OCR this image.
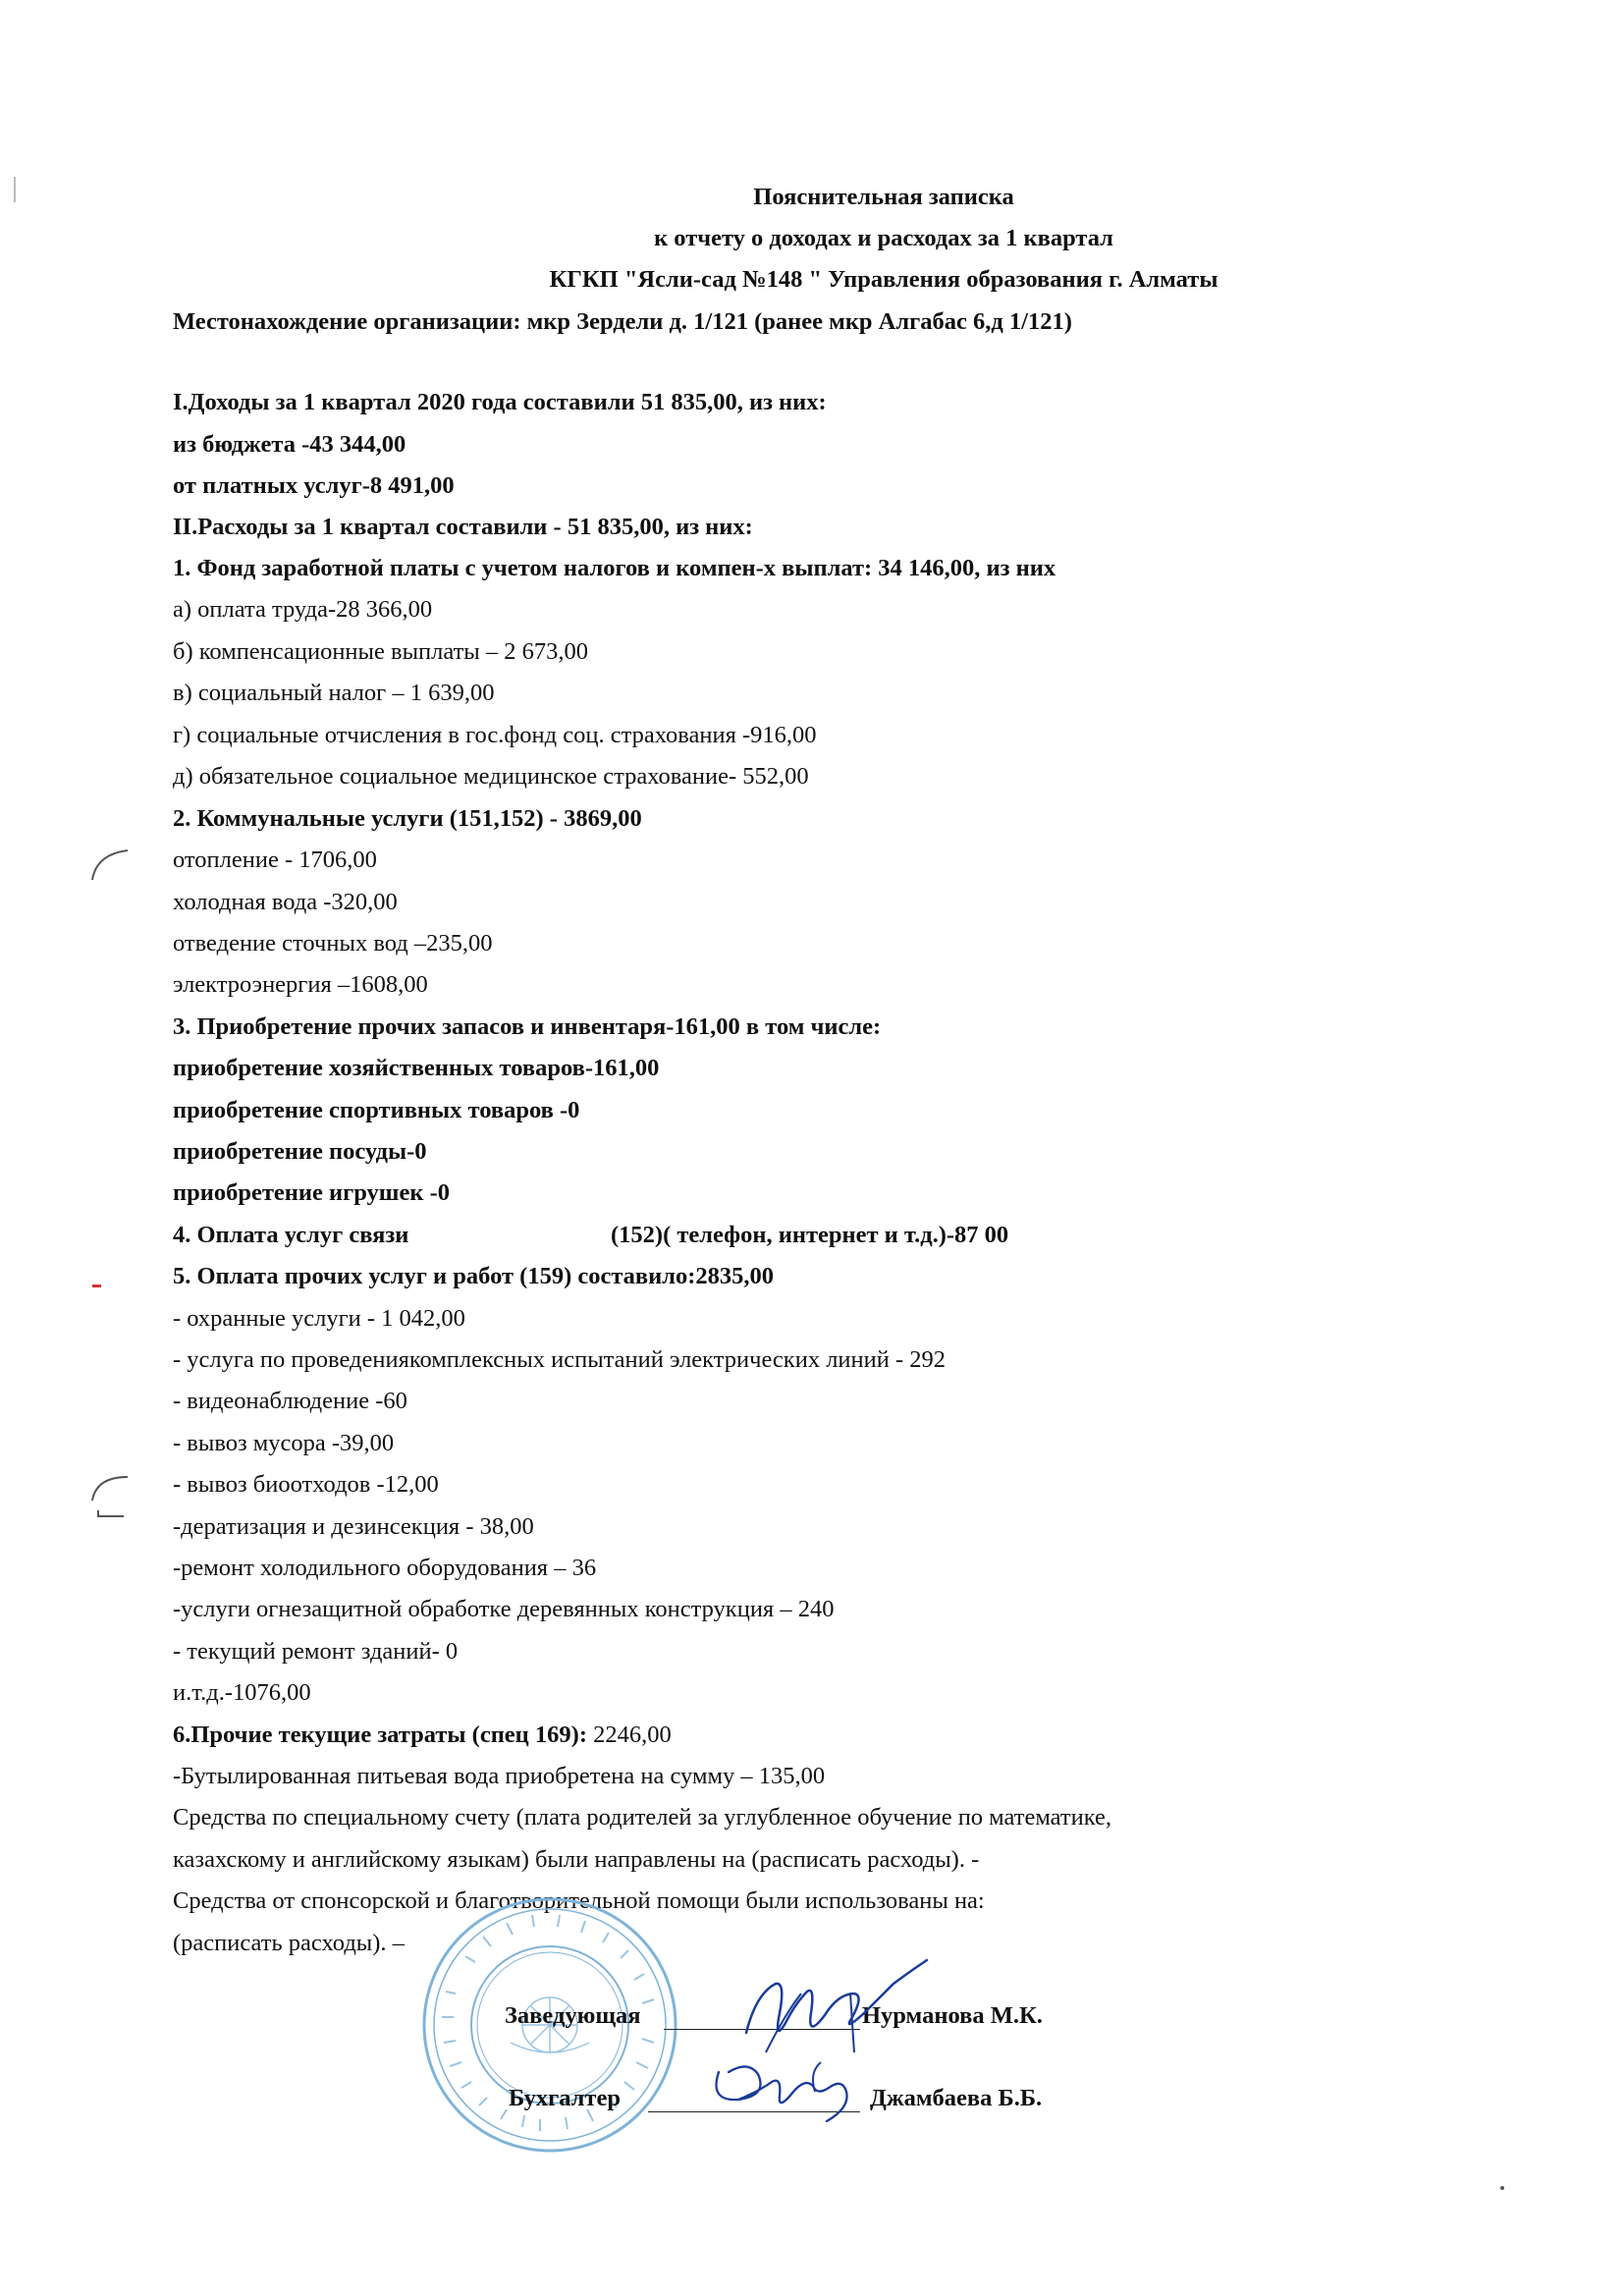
Пояснительная записка
к отчету о доходах и расходах за 1 квартал
КГКП "Ясли-сад №148 " Управления образования г. Алматы
Местонахождение организации: мкр Зердели д. 1/121 (ранее мкр Алгабас 6,д 1/121)
I.Доходы за 1 квартал 2020 года составили 51 835,00, из них:
из бюджета -43 344,00
от платных услуг-8 491,00
II.Расходы за 1 квартал составили - 51 835,00, из них:
1. Фонд заработной платы с учетом налогов и компен-х выплат: 34 146,00, из них
а) оплата труда-28 366,00
б) компенсационные выплаты – 2 673,00
в) социальный налог – 1 639,00
г) социальные отчисления в гос.фонд соц. страхования -916,00
д) обязательное социальное медицинское страхование- 552,00
2. Коммунальные услуги (151,152) - 3869,00
отопление - 1706,00
холодная вода -320,00
отведение сточных вод –235,00
электроэнергия –1608,00
3. Приобретение прочих запасов и инвентаря-161,00 в том числе:
приобретение хозяйственных товаров-161,00
приобретение спортивных товаров -0
приобретение посуды-0
приобретение игрушек -0
4. Оплата услуг связи	(152)( телефон, интернет и т.д.)-87 00
5. Оплата прочих услуг и работ (159) составило:2835,00
- охранные услуги - 1 042,00
- услуга по проведениякомплексных испытаний электрических линий - 292
- видеонаблюдение -60
- вывоз мусора -39,00
- вывоз биоотходов -12,00
-дератизация и дезинсекция - 38,00
-ремонт холодильного оборудования – 36
-услуги огнезащитной обработке деревянных конструкция – 240
- текущий ремонт зданий- 0
и.т.д.-1076,00
6.Прочие текущие затраты (спец 169): 2246,00
-Бутылированная питьевая вода приобретена на сумму – 135,00
Средства по специальному счету (плата родителей за углубленное обучение по математике,
казахскому и английскому языкам) были направлены на (расписать расходы). -
Средства от спонсорской и благотворительной помощи были использованы на:
(расписать расходы). –
Заведующая	Нурманова М.К.
Бухгалтер	Джамбаева Б.Б.
